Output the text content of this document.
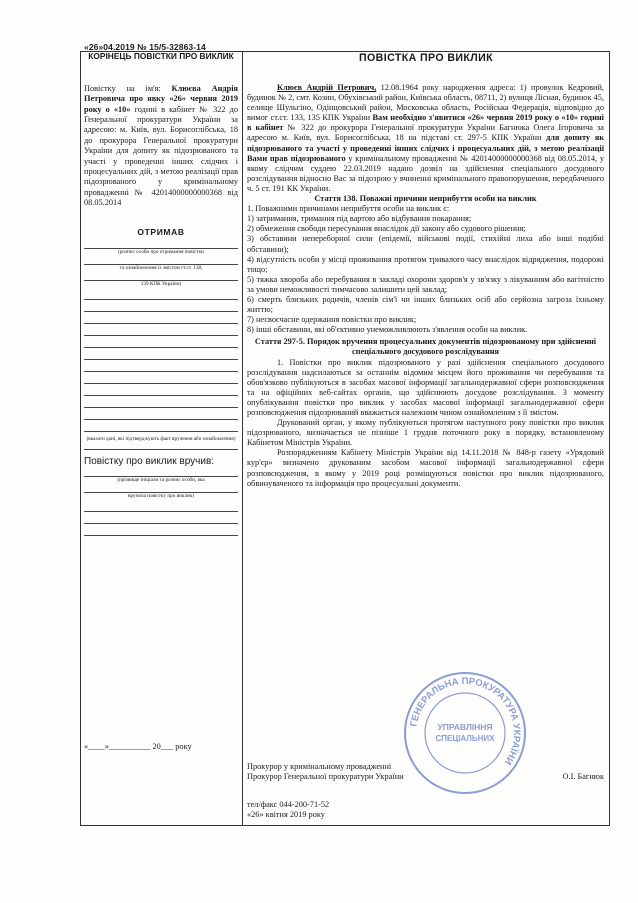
«26»04.2019 № 15/5-32863-14
КОРІНЕЦЬ ПОВІСТКИ ПРО ВИКЛИК
Повістку на ім'я: Клюєва Андрія Петровича про явку «26» червня 2019 року о «10» годині в кабінет № 322 до Генеральної прокуратури України за адресою: м. Київ, вул. Борисоглібська, 18 до прокурора Генеральної прокуратури України для допиту як підозрюваного та участі у проведенні інших слідчих і процесуальних дій, з метою реалізації прав підозрюваного у кримінальному провадженні № 42014000000000368 від 08.05.2014
ОТРИМАВ
(розпис особи про отримання повістки
та ознайомлення із змістом ст.ст. 138,
139 КПК України)
(вказати дані, які підтверджують факт вручення або ознайомлення)
Повістку про виклик вручив:
(прізвище ініціали та розпис особи, яка
вручила повістку про виклик)
«____»__________ 20___ року
ПОВІСТКА ПРО ВИКЛИК

Клюєв Андрій Петрович, 12.08.1964 року народження адреса: 1) провулок Кедровий, будинок № 2, смт. Козин, Обухівський район, Київська область, 08711, 2) вулиця Лісная, будинок 45, селище Шульгіно, Одінцовський район, Московська область, Російська Федерація, відповідно до вимог ст.ст. 133, 135 КПК України Вам необхідно з'явитися «26» червня 2019 року о «10» годині в кабінет № 322 до прокурора Генеральної прокуратури України Багнюка Олега Ігоровича за адресою м. Київ, вул. Борисоглібська, 18 на підставі ст. 297-5 КПК України для допиту як підозрюваного та участі у проведенні інших слідчих і процесуальних дій, з метою реалізації Вами прав підозрюваного у кримінальному провадженні № 42014000000000368 від 08.05.2014, у якому слідчим суддею 22.03.2019 надано дозвіл на здійснення спеціального досудового розслідування відносно Вас за підозрою у вчиненні кримінального правопорушення, передбаченого ч. 5 ст. 191 КК України.

Стаття 138. Поважні причини неприбуття особи на виклик

1. Поважними причинами неприбуття особи на виклик є:

1) затримання, тримання під вартою або відбування покарання;

2) обмеження свободи пересування внаслідок дії закону або судового рішення;

3) обставини непереборної сили (епідемії, військові події, стихійні лиха або інші подібні обставини);

4) відсутність особи у місці проживання протягом тривалого часу внаслідок відрядження, подорожі тощо;

5) тяжка хвороба або перебування в закладі охорони здоров'я у зв'язку з лікуванням або вагітністю за умови неможливості тимчасово залишити цей заклад;

6) смерть близьких родичів, членів сім'ї чи інших близьких осіб або серйозна загроза їхньому життю;

7) несвоєчасне одержання повістки про виклик;

8) інші обставини, які об'єктивно унеможливлюють з'явлення особи на виклик.

Стаття 297-5. Порядок вручення процесуальних документів підозрюваному при здійсненні спеціального досудового розслідування

1. Повістки про виклик підозрюваного у разі здійснення спеціального досудового розслідування надсилаються за останнім відомим місцем його проживання чи перебування та обов'язково публікуються в засобах масової інформації загальнодержавної сфери розповсюдження та на офіційних веб-сайтах органів, що здійснюють досудове розслідування. З моменту опублікування повістки про виклик у засобах масової інформації загальнодержавної сфери розповсюдження підозрюваний вважається належним чином ознайомленим з її змістом.

Друкований орган, у якому публікуються протягом наступного року повістки про виклик підозрюваного, визначається не пізніше 1 грудня поточного року в порядку, встановленому Кабінетом Міністрів України.

Розпорядженням Кабінету Міністрів України від 14.11.2018 № 848-р газету «Урядовий кур'єр» визначено друкованим засобом масової інформації загальнодержавної сфери розповсюдження, в якому у 2019 році розміщуються повістки про виклик підозрюваного, обвинуваченого та інформація про процесуальні документи.

Прокурор у кримінальному провадженні
Прокурор Генеральної прокуратури України	О.І. Багнюк
тел/факс 044-200-71-52
«26» квітня 2019 року
ГЕНЕРАЛЬНА ПРОКУРАТУРА УКРАЇНИ
УПРАВЛІННЯ
СПЕЦІАЛЬНИХ
